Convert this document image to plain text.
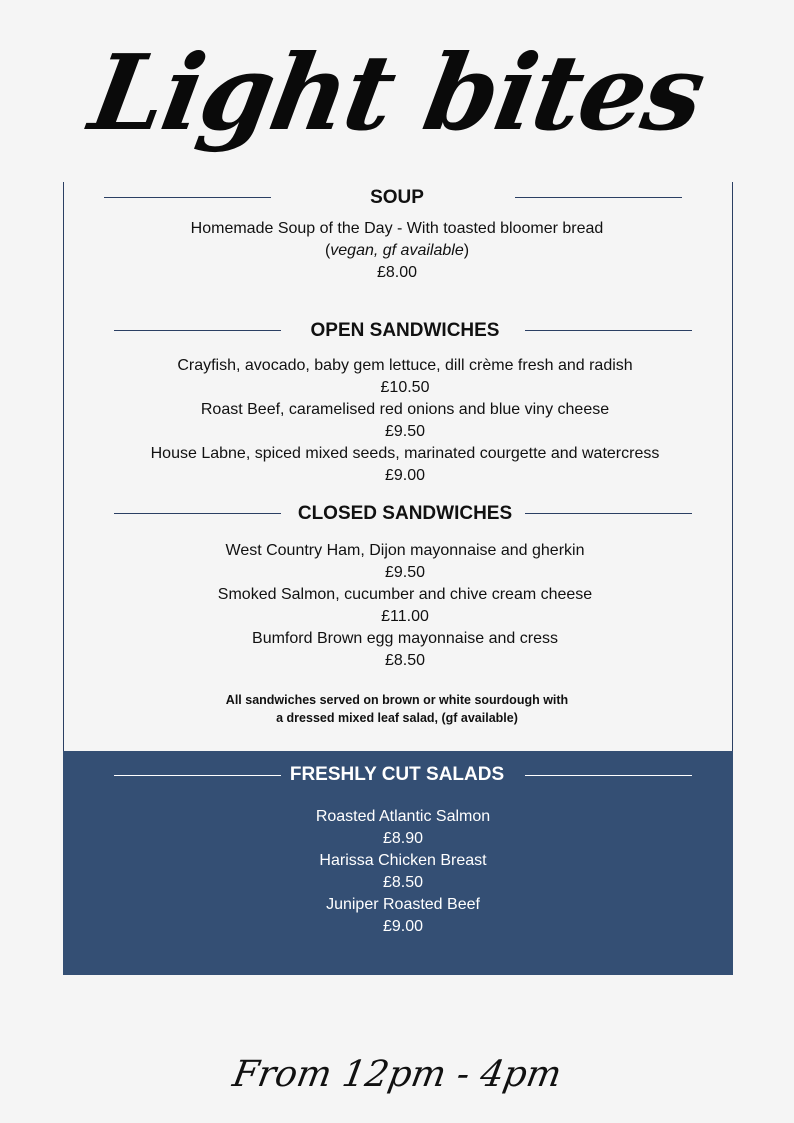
Light bites
SOUP
Homemade Soup of the Day - With toasted bloomer bread
(vegan, gf available)
£8.00
OPEN SANDWICHES
Crayfish, avocado, baby gem lettuce, dill crème fresh and radish
£10.50
Roast Beef, caramelised red onions and blue viny cheese
£9.50
House Labne, spiced mixed seeds, marinated courgette and watercress
£9.00
CLOSED SANDWICHES
West Country Ham, Dijon mayonnaise and gherkin
£9.50
Smoked Salmon, cucumber and chive cream cheese
£11.00
Bumford Brown egg mayonnaise and cress
£8.50
All sandwiches served on brown or white sourdough with
a dressed mixed leaf salad, (gf available)
FRESHLY CUT SALADS
Roasted Atlantic Salmon
£8.90
Harissa Chicken Breast
£8.50
Juniper Roasted Beef
£9.00
From 12pm - 4pm
